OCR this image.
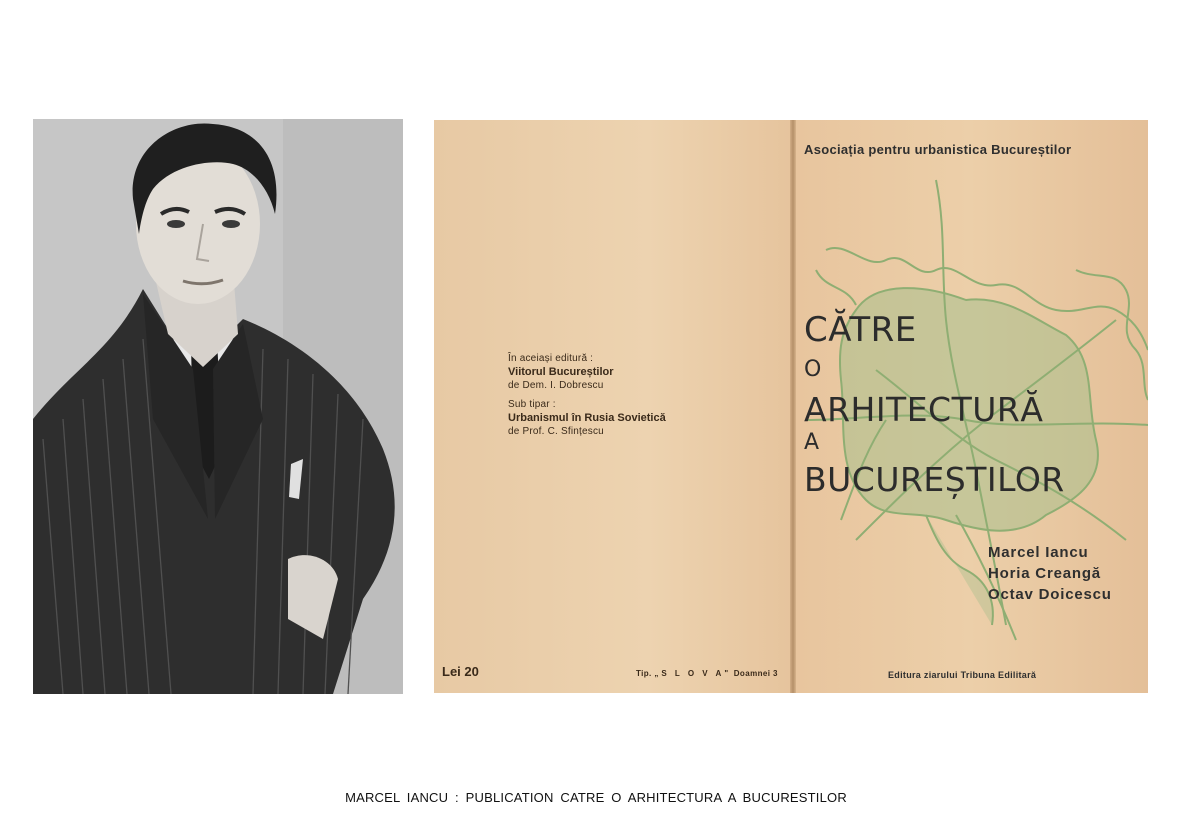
În aceiași editură :
Viitorul Bucureștilor
de Dem. I. Dobrescu
Sub tipar :
Urbanismul în Rusia Sovietică
de Prof. C. Sfințescu
Lei 20	Tip. „S L O V A" Doamnei 3
Asociația pentru urbanistica Bucureștilor
CĂTRE
O
ARHITECTURĂ
A
BUCUREȘTILOR
Marcel Iancu
Horia Creangă
Octav Doicescu
Editura ziarului Tribuna Edilitară
MARCEL IANCU : PUBLICATION CATRE O ARHITECTURA A BUCURESTILOR
